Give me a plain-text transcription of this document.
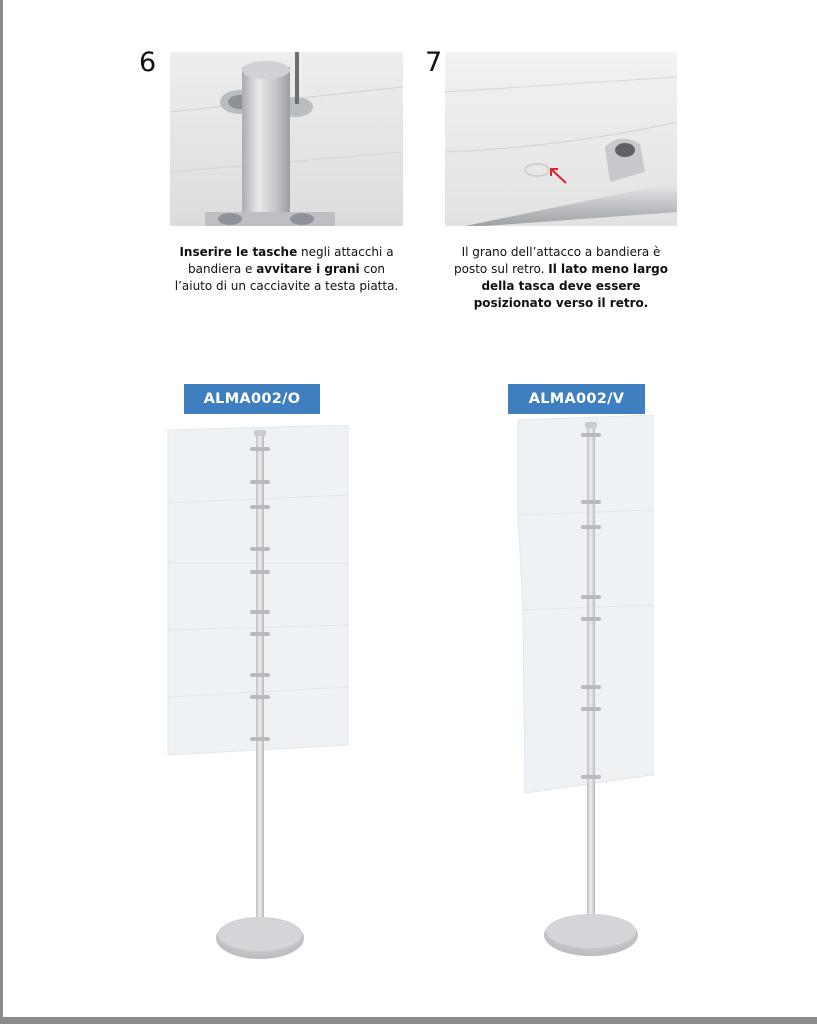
6
Inserire le tasche negli attacchi a bandiera e avvitare i grani con l’aiuto di un cacciavite a testa piatta.
7
Il grano dell’attacco a bandiera è posto sul retro. Il lato meno largo della tasca deve essere posizionato verso il retro.
ALMA002/O	ALMA002/V
